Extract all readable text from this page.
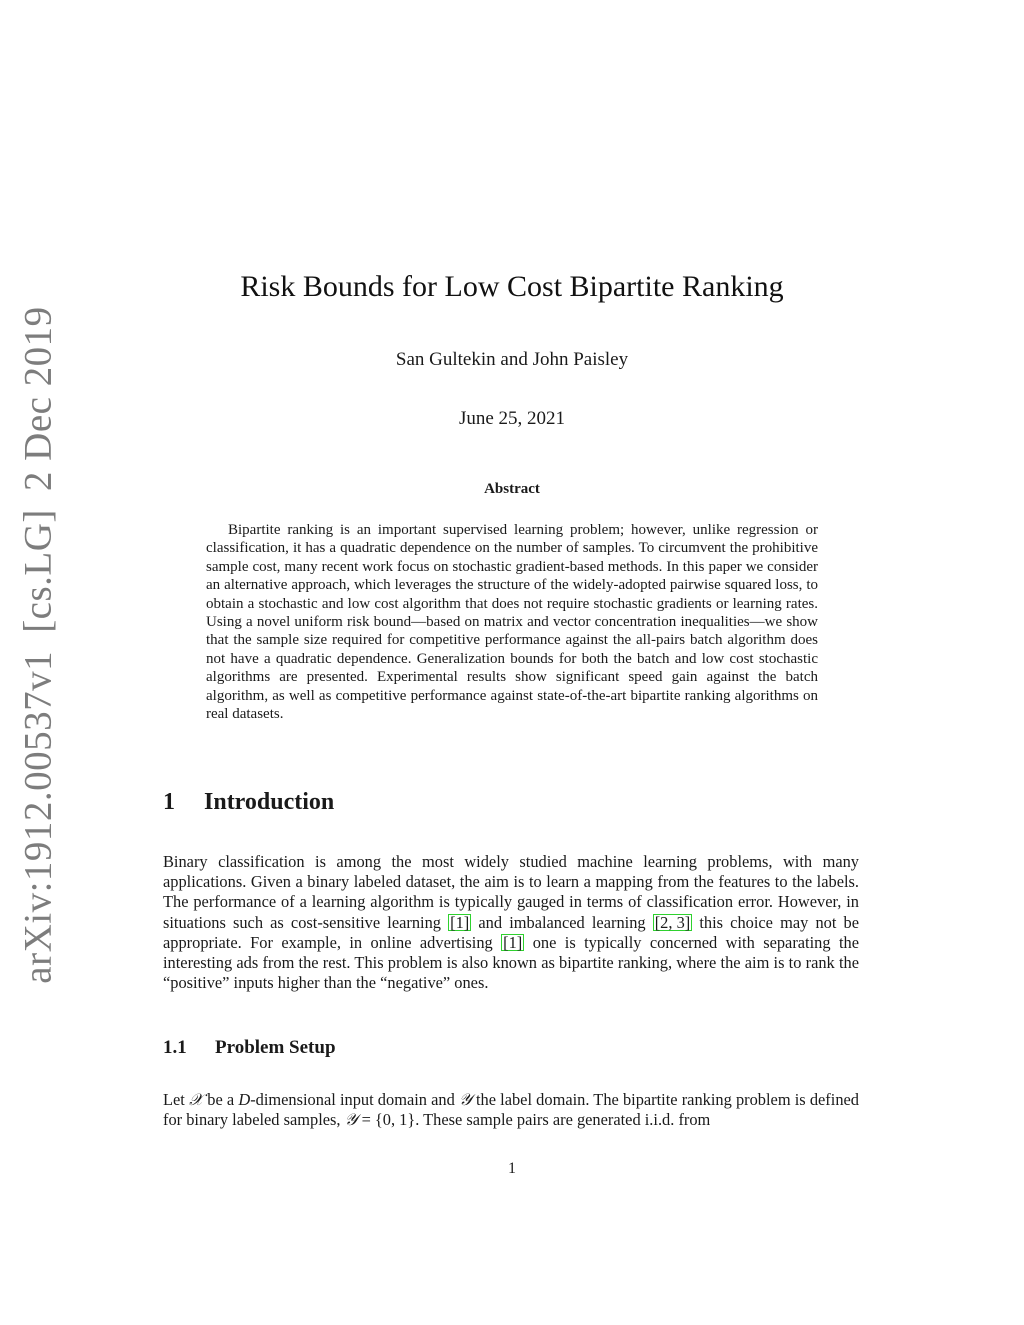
arXiv:1912.00537v1[cs.LG]2 Dec 2019
Risk Bounds for Low Cost Bipartite Ranking
San Gultekin and John Paisley
June 25, 2021
Abstract
Bipartite ranking is an important supervised learning problem; however, unlike regression or classification, it has a quadratic dependence on the number of samples. To circumvent the prohibitive sample cost, many recent work focus on stochastic gradient-based methods. In this paper we consider an alternative approach, which leverages the structure of the widely-adopted pairwise squared loss, to obtain a stochastic and low cost algorithm that does not require stochastic gradients or learning rates. Using a novel uniform risk bound—based on matrix and vector concentration inequalities—we show that the sample size required for competitive performance against the all-pairs batch algorithm does not have a quadratic dependence. Generalization bounds for both the batch and low cost stochastic algorithms are presented. Experimental results show significant speed gain against the batch algorithm, as well as competitive performance against state-of-the-art bipartite ranking algorithms on real datasets.
1 Introduction
Binary classification is among the most widely studied machine learning problems, with many applications. Given a binary labeled dataset, the aim is to learn a mapping from the features to the labels. The performance of a learning algorithm is typically gauged in terms of classification error. However, in situations such as cost-sensitive learning [1] and imbalanced learning [2, 3] this choice may not be appropriate. For example, in online advertising [1] one is typically concerned with separating the interesting ads from the rest. This problem is also known as bipartite ranking, where the aim is to rank the “positive” inputs higher than the “negative” ones.
1.1 Problem Setup
Let 𝒳 be a D-dimensional input domain and 𝒴 the label domain. The bipartite ranking problem is defined for binary labeled samples, 𝒴 = {0, 1}. These sample pairs are generated i.i.d. from
1
